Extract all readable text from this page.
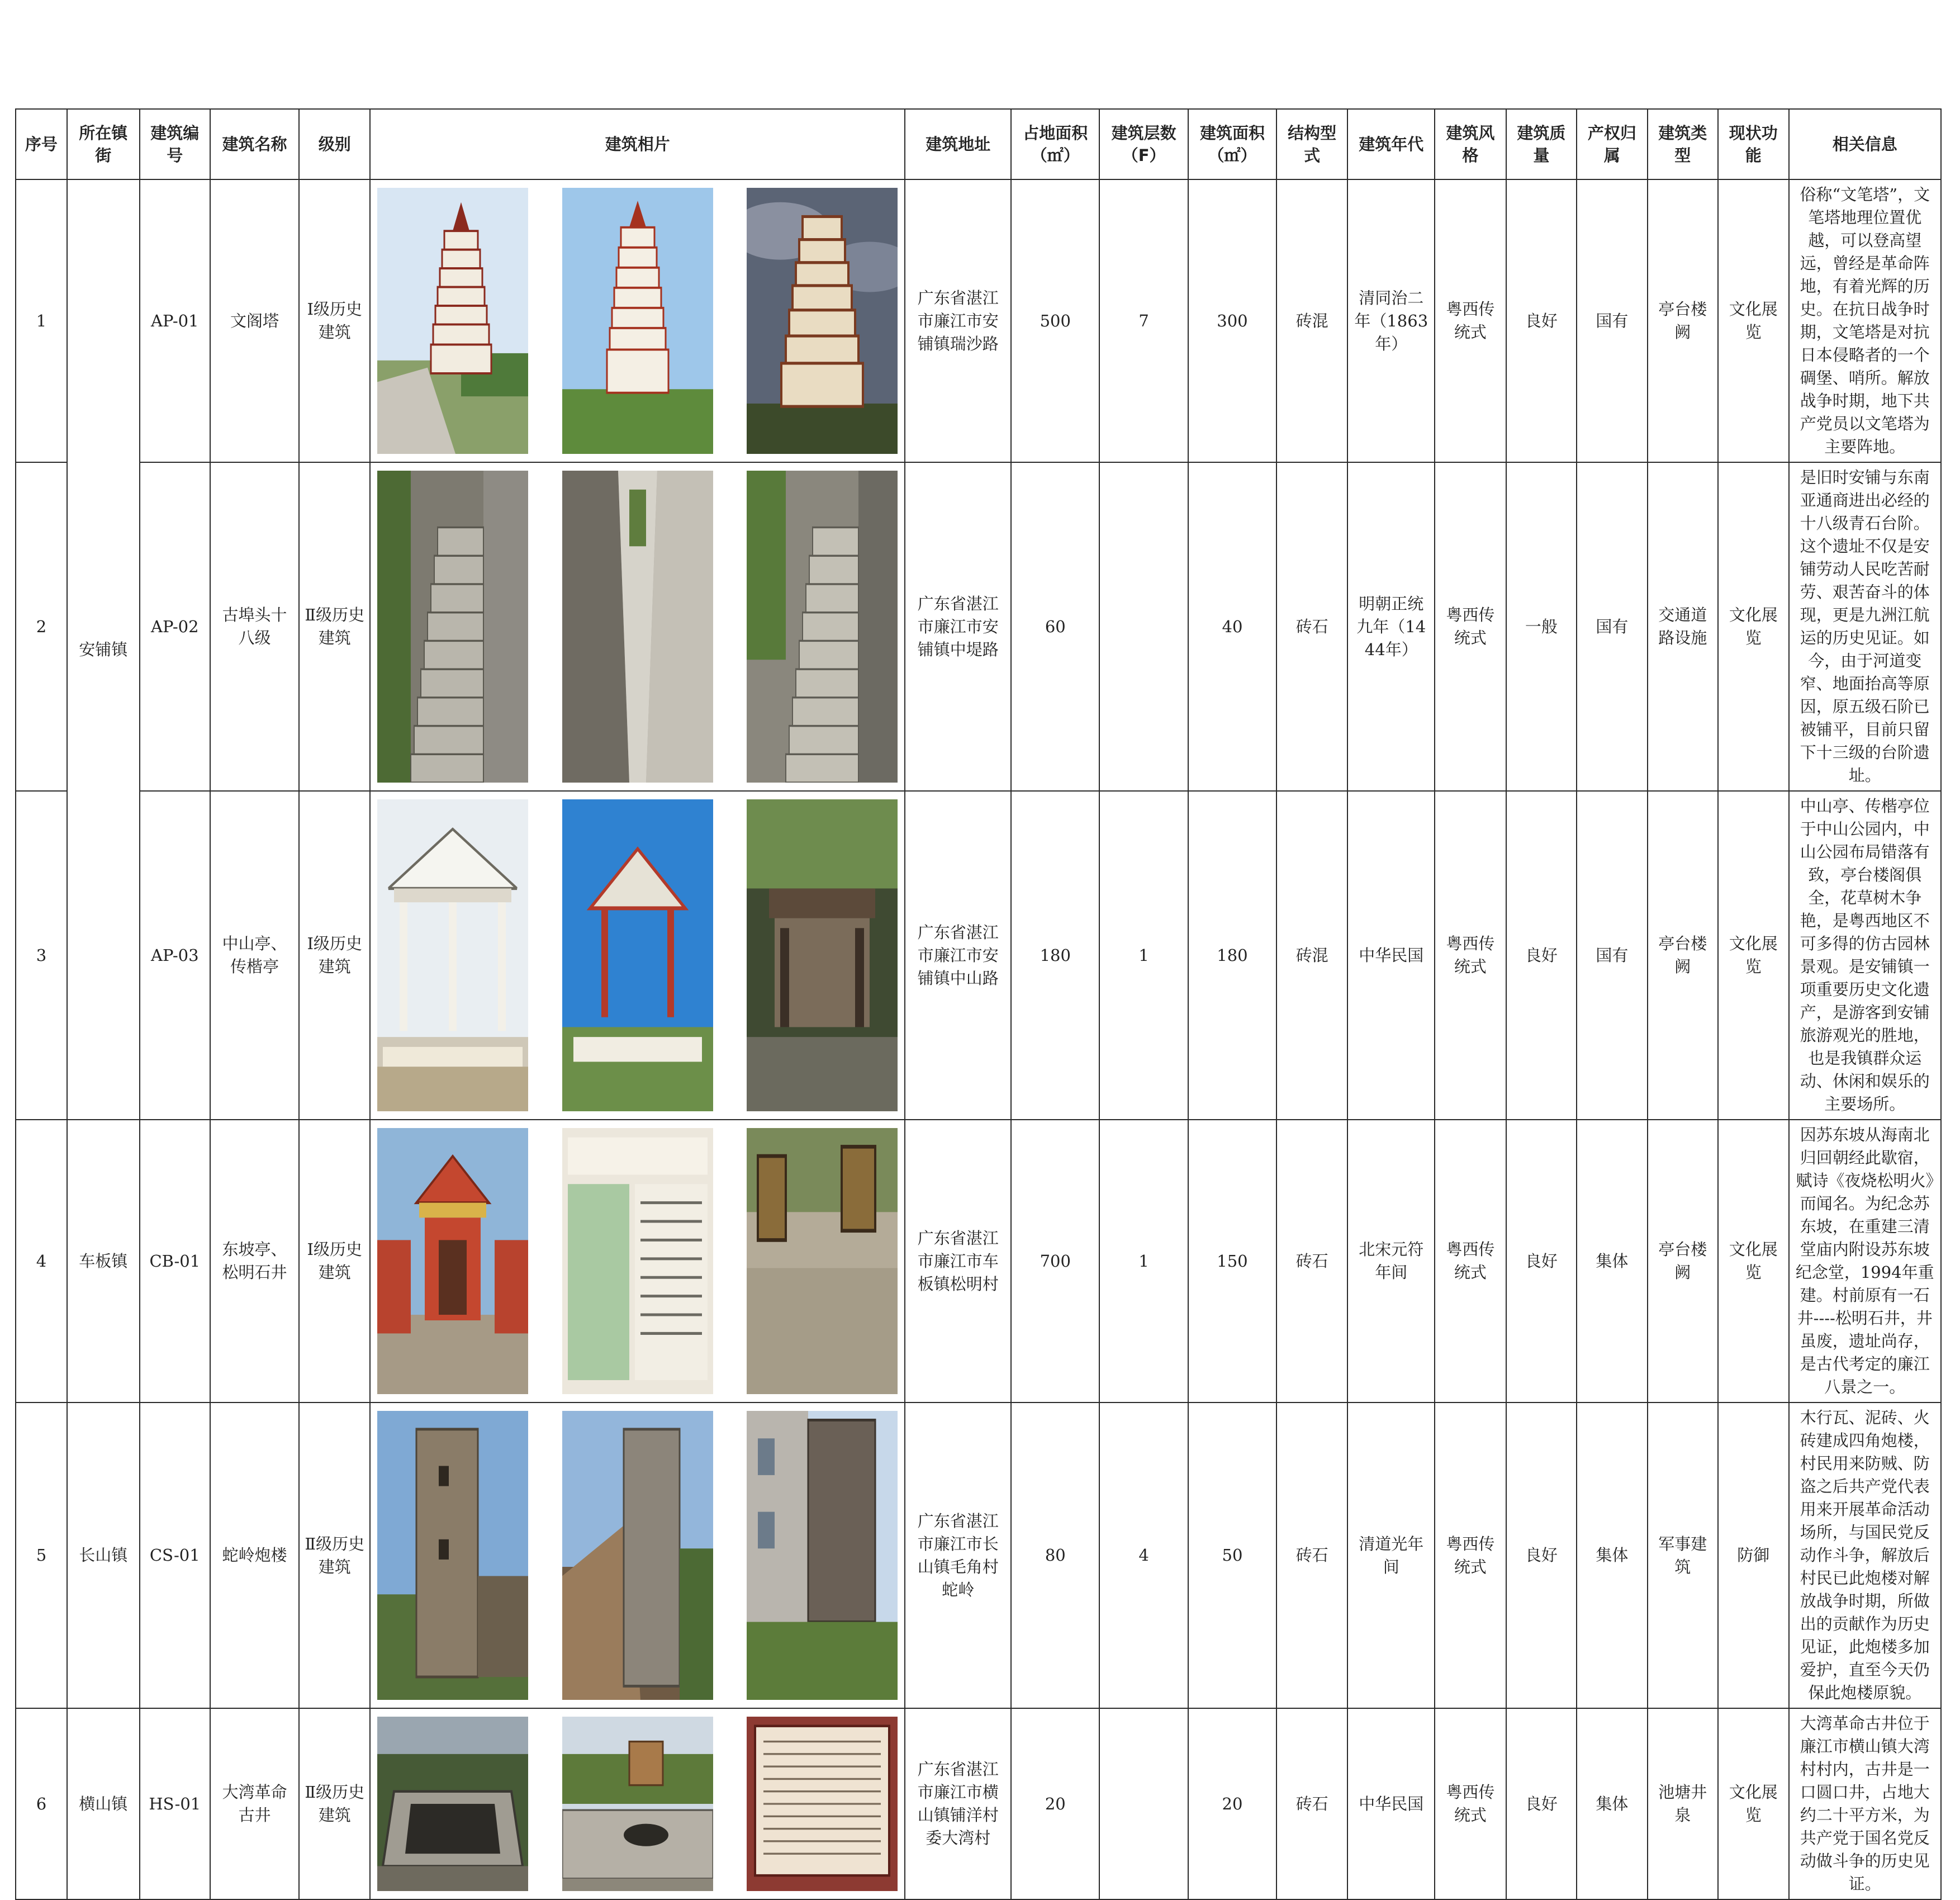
序号	所在镇街	建筑编号	建筑名称	级别	建筑相片	建筑地址	占地面积（㎡）	建筑层数（F）	建筑面积（㎡）	结构型式	建筑年代	建筑风格	建筑质量	产权归属	建筑类型	现状功能	相关信息
1	安铺镇	AP-01	文阁塔	Ⅰ级历史建筑		广东省湛江市廉江市安铺镇瑞沙路	500	7	300	砖混	清同治二年（1863年）	粤西传统式	良好	国有	亭台楼阙	文化展览	俗称“文笔塔”，文笔塔地理位置优越，可以登高望远，曾经是革命阵地，有着光辉的历史。在抗日战争时期，文笔塔是对抗日本侵略者的一个碉堡、哨所。解放战争时期，地下共产党员以文笔塔为主要阵地。
2		AP-02	古埠头十八级	Ⅱ级历史建筑		广东省湛江市廉江市安铺镇中堤路	60		40	砖石	明朝正统九年（1444年）	粤西传统式	一般	国有	交通道路设施	文化展览	是旧时安铺与东南亚通商进出必经的十八级青石台阶。这个遗址不仅是安铺劳动人民吃苦耐劳、艰苦奋斗的体现，更是九洲江航运的历史见证。如今，由于河道变窄、地面抬高等原因，原五级石阶已被铺平，目前只留下十三级的台阶遗址。
3		AP-03	中山亭、传楷亭	Ⅰ级历史建筑		广东省湛江市廉江市安铺镇中山路	180	1	180	砖混	中华民国	粤西传统式	良好	国有	亭台楼阙	文化展览	中山亭、传楷亭位于中山公园内，中山公园布局错落有致，亭台楼阁俱全，花草树木争艳，是粤西地区不可多得的仿古园林景观。是安铺镇一项重要历史文化遗产，是游客到安铺旅游观光的胜地，也是我镇群众运动、休闲和娱乐的主要场所。
4	车板镇	CB-01	东坡亭、松明石井	Ⅰ级历史建筑		广东省湛江市廉江市车板镇松明村	700	1	150	砖石	北宋元符年间	粤西传统式	良好	集体	亭台楼阙	文化展览	因苏东坡从海南北归回朝经此歇宿，赋诗《夜烧松明火》而闻名。为纪念苏东坡，在重建三清堂庙内附设苏东坡纪念堂，1994年重建。村前原有一石井----松明石井，井虽废，遗址尚存，是古代考定的廉江八景之一。
5	长山镇	CS-01	蛇岭炮楼	Ⅱ级历史建筑		广东省湛江市廉江市长山镇毛角村蛇岭	80	4	50	砖石	清道光年间	粤西传统式	良好	集体	军事建筑	防御	木行瓦、泥砖、火砖建成四角炮楼，村民用来防贼、防盗之后共产党代表用来开展革命活动场所，与国民党反动作斗争，解放后村民已此炮楼对解放战争时期，所做出的贡献作为历史见证，此炮楼多加爱护，直至今天仍保此炮楼原貌。
6	横山镇	HS-01	大湾革命古井	Ⅱ级历史建筑		广东省湛江市廉江市横山镇铺洋村委大湾村	20		20	砖石	中华民国	粤西传统式	良好	集体	池塘井泉	文化展览	大湾革命古井位于廉江市横山镇大湾村村内，古井是一口圆口井，占地大约二十平方米，为共产党于国名党反动做斗争的历史见证。
